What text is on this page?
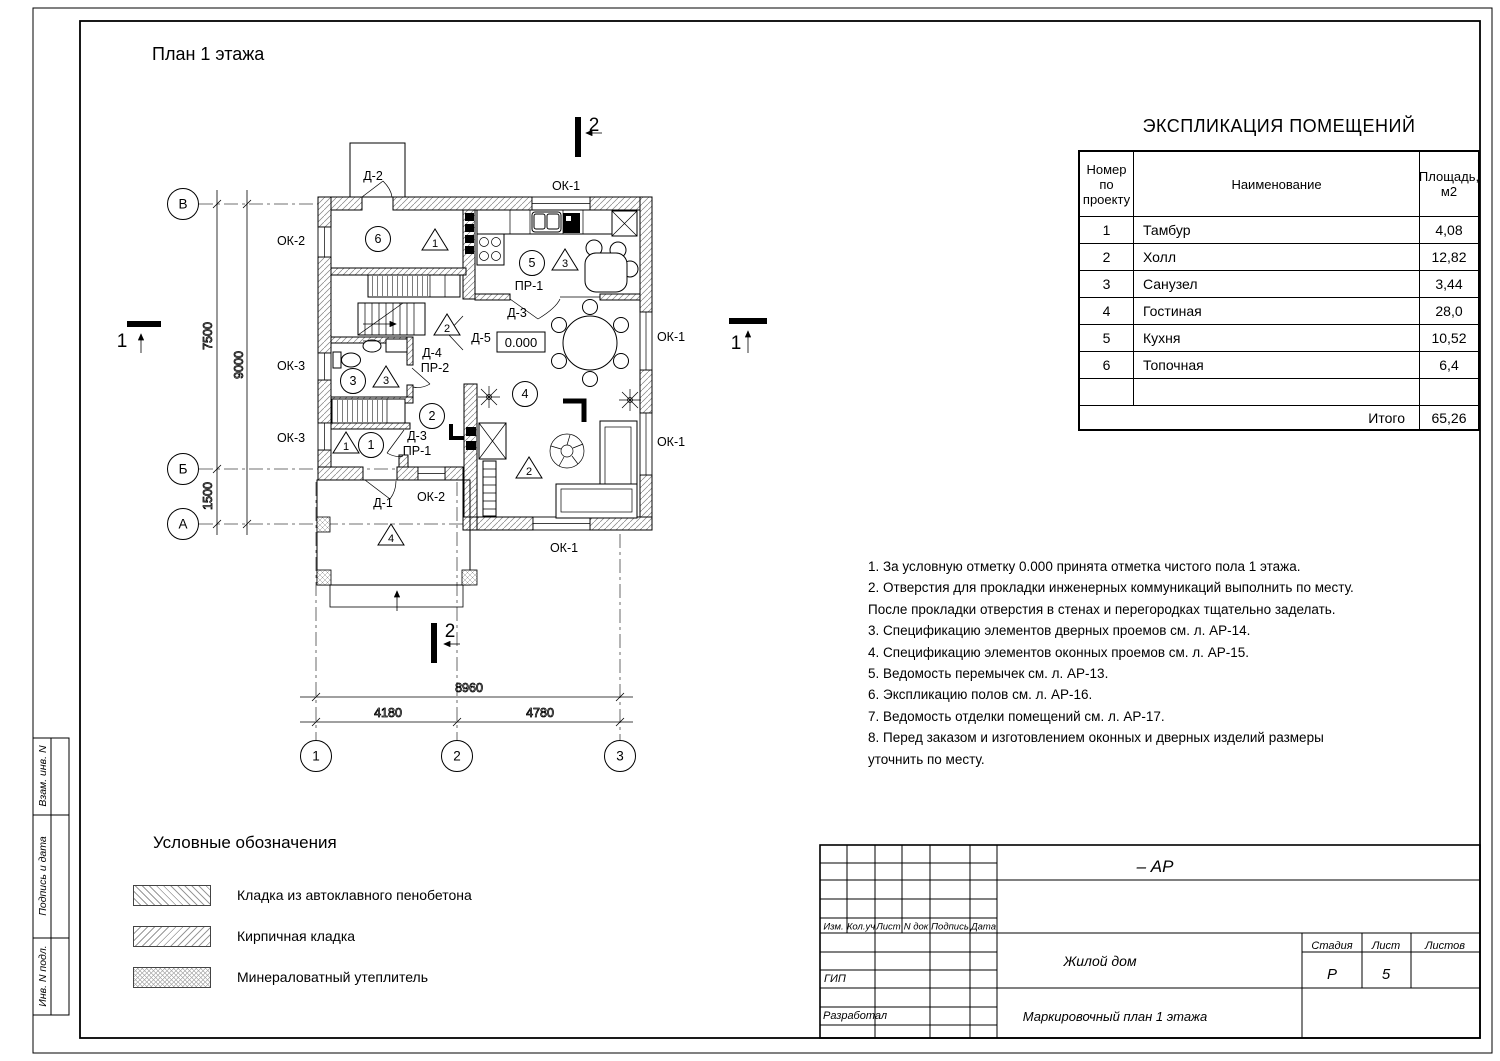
Взам. инв. N
Подпись и дата
Инв. N подл.
В
Б
А
1	2	3
6
5
3
2
1
4
1
3
2
3
1
2
4
Д-2
ОК-1
ОК-2
ОК-3
ОК-3
ОК-1
ОК-1
ОК-2
ОК-1
Д-1
Д-3
ПР-1
Д-4
ПР-2
Д-5
Д-3
ПР-1
0.000
7500
9000
1500
8960
4180	4780
2
2
1	1
Изм. Кол.уч Лист N док Подпись Дата
ГИП
Разработал
– АР
Жилой дом
Маркировочный план 1 этажа
Стадия Лист Листов
Р	5
План 1 этажа
ЭКСПЛИКАЦИЯ ПОМЕЩЕНИЙ
Номер по проекту
Наименование	Площадь, м2
1	Тамбур	4,08
2	Холл	12,82
3	Санузел	3,44
4	Гостиная	28,0
5	Кухня	10,52
6	Топочная	6,4
Итого	65,26
1. За условную отметку 0.000 принята отметка чистого пола 1 этажа.
2. Отверстия для прокладки инженерных коммуникаций выполнить по месту.
После прокладки отверстия в стенах и перегородках тщательно заделать.
3. Спецификацию элементов дверных проемов см. л. АР-14.
4. Спецификацию элементов оконных проемов см. л. АР-15.
5. Ведомость перемычек см. л. АР-13.
6. Экспликацию полов см. л. АР-16.
7. Ведомость отделки помещений см. л. АР-17.
8. Перед заказом и изготовлением оконных и дверных изделий размеры
уточнить по месту.
Условные обозначения
Кладка из автоклавного пенобетона
Кирпичная кладка
Минераловатный утеплитель
